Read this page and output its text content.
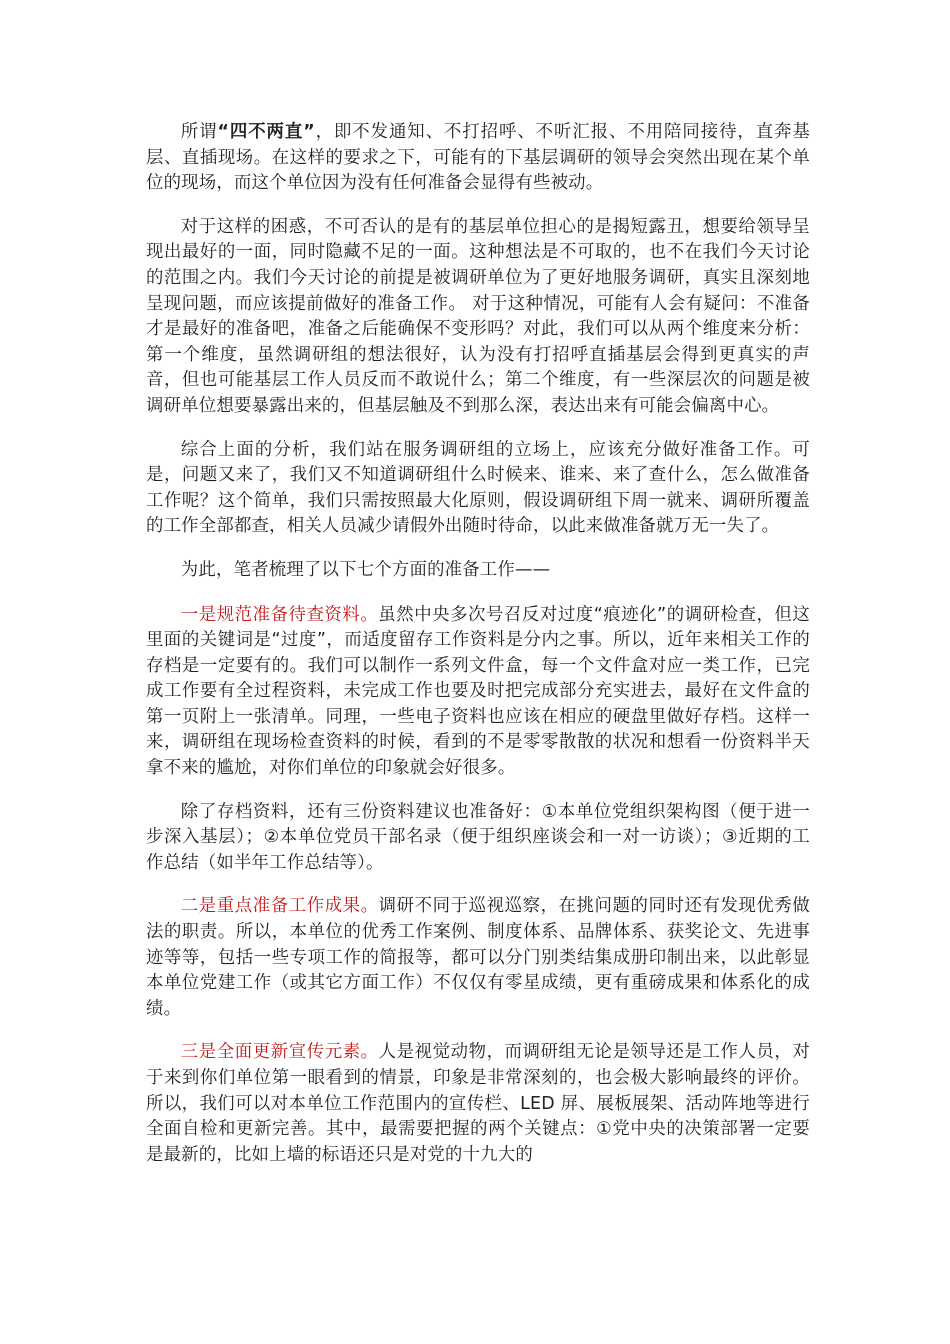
所谓“四不两直”，即不发通知、不打招呼、不听汇报、不用陪同接待，直奔基层、直插现场。在这样的要求之下，可能有的下基层调研的领导会突然出现在某个单位的现场，而这个单位因为没有任何准备会显得有些被动。

对于这样的困惑，不可否认的是有的基层单位担心的是揭短露丑，想要给领导呈现出最好的一面，同时隐藏不足的一面。这种想法是不可取的，也不在我们今天讨论的范围之内。我们今天讨论的前提是被调研单位为了更好地服务调研，真实且深刻地呈现问题，而应该提前做好的准备工作。 对于这种情况，可能有人会有疑问：不准备才是最好的准备吧，准备之后能确保不变形吗？对此，我们可以从两个维度来分析：第一个维度，虽然调研组的想法很好，认为没有打招呼直插基层会得到更真实的声音，但也可能基层工作人员反而不敢说什么；第二个维度，有一些深层次的问题是被调研单位想要暴露出来的，但基层触及不到那么深，表达出来有可能会偏离中心。

综合上面的分析，我们站在服务调研组的立场上，应该充分做好准备工作。可是，问题又来了，我们又不知道调研组什么时候来、谁来、来了查什么，怎么做准备工作呢？这个简单，我们只需按照最大化原则，假设调研组下周一就来、调研所覆盖的工作全部都查，相关人员减少请假外出随时待命，以此来做准备就万无一失了。

为此，笔者梳理了以下七个方面的准备工作——

一是规范准备待查资料。虽然中央多次号召反对过度“痕迹化”的调研检查，但这里面的关键词是“过度”，而适度留存工作资料是分内之事。所以，近年来相关工作的存档是一定要有的。我们可以制作一系列文件盒，每一个文件盒对应一类工作，已完成工作要有全过程资料，未完成工作也要及时把完成部分充实进去，最好在文件盒的第一页附上一张清单。同理，一些电子资料也应该在相应的硬盘里做好存档。这样一来，调研组在现场检查资料的时候，看到的不是零零散散的状况和想看一份资料半天拿不来的尴尬，对你们单位的印象就会好很多。

除了存档资料，还有三份资料建议也准备好：①本单位党组织架构图（便于进一步深入基层）；②本单位党员干部名录（便于组织座谈会和一对一访谈）；③近期的工作总结（如半年工作总结等）。

二是重点准备工作成果。调研不同于巡视巡察，在挑问题的同时还有发现优秀做法的职责。所以，本单位的优秀工作案例、制度体系、品牌体系、获奖论文、先进事迹等等，包括一些专项工作的简报等，都可以分门别类结集成册印制出来，以此彰显本单位党建工作（或其它方面工作）不仅仅有零星成绩，更有重磅成果和体系化的成绩。

三是全面更新宣传元素。人是视觉动物，而调研组无论是领导还是工作人员，对于来到你们单位第一眼看到的情景，印象是非常深刻的，也会极大影响最终的评价。所以，我们可以对本单位工作范围内的宣传栏、LED 屏、展板展架、活动阵地等进行全面自检和更新完善。其中，最需要把握的两个关键点：①党中央的决策部署一定要是最新的，比如上墙的标语还只是对党的十九大的
